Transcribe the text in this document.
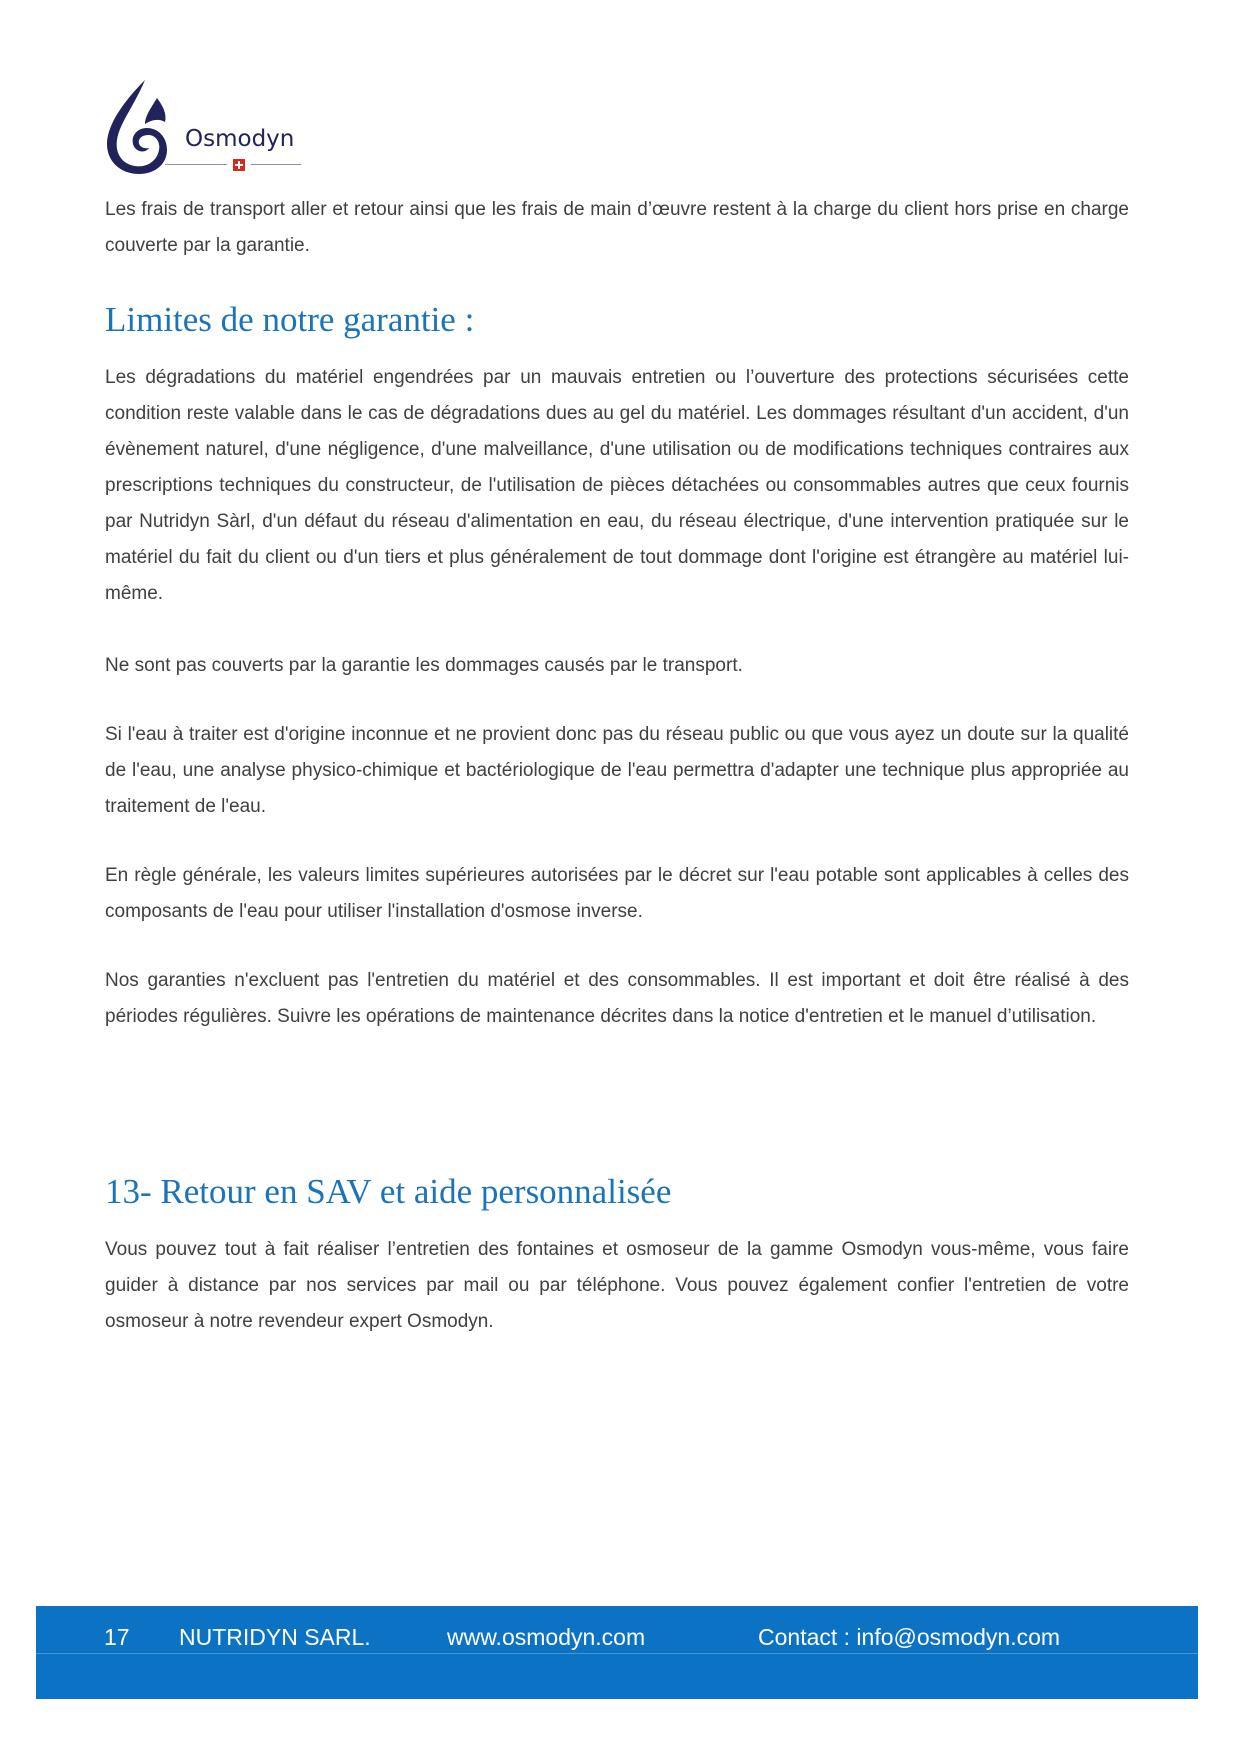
Osmodyn

Les frais de transport aller et retour ainsi que les frais de main d’œuvre restent à la charge du client hors prise en charge couverte par la garantie.

Limites de notre garantie :

Les dégradations du matériel engendrées par un mauvais entretien ou l’ouverture des protections sécurisées cette condition reste valable dans le cas de dégradations dues au gel du matériel. Les dommages résultant d'un accident, d'un évènement naturel, d'une négligence, d'une malveillance, d'une utilisation ou de modifications techniques contraires aux prescriptions techniques du constructeur, de l'utilisation de pièces détachées ou consommables autres que ceux fournis par Nutridyn Sàrl, d'un défaut du réseau d'alimentation en eau, du réseau électrique, d'une intervention pratiquée sur le matériel du fait du client ou d'un tiers et plus généralement de tout dommage dont l'origine est étrangère au matériel lui-même.

Ne sont pas couverts par la garantie les dommages causés par le transport.

Si l'eau à traiter est d'origine inconnue et ne provient donc pas du réseau public ou que vous ayez un doute sur la qualité de l'eau, une analyse physico-chimique et bactériologique de l'eau permettra d'adapter une technique plus appropriée au traitement de l'eau.

En règle générale, les valeurs limites supérieures autorisées par le décret sur l'eau potable sont applicables à celles des composants de l'eau pour utiliser l'installation d'osmose inverse.

Nos garanties n'excluent pas l'entretien du matériel et des consommables. Il est important et doit être réalisé à des périodes régulières. Suivre les opérations de maintenance décrites dans la notice d'entretien et le manuel d’utilisation.

13- Retour en SAV et aide personnalisée

Vous pouvez tout à fait réaliser l’entretien des fontaines et osmoseur de la gamme Osmodyn vous-même, vous faire guider à distance par nos services par mail ou par téléphone. Vous pouvez également confier l'entretien de votre osmoseur à notre revendeur expert Osmodyn.

17 NUTRIDYN SARL.	www.osmodyn.com	Contact : info@osmodyn.com
